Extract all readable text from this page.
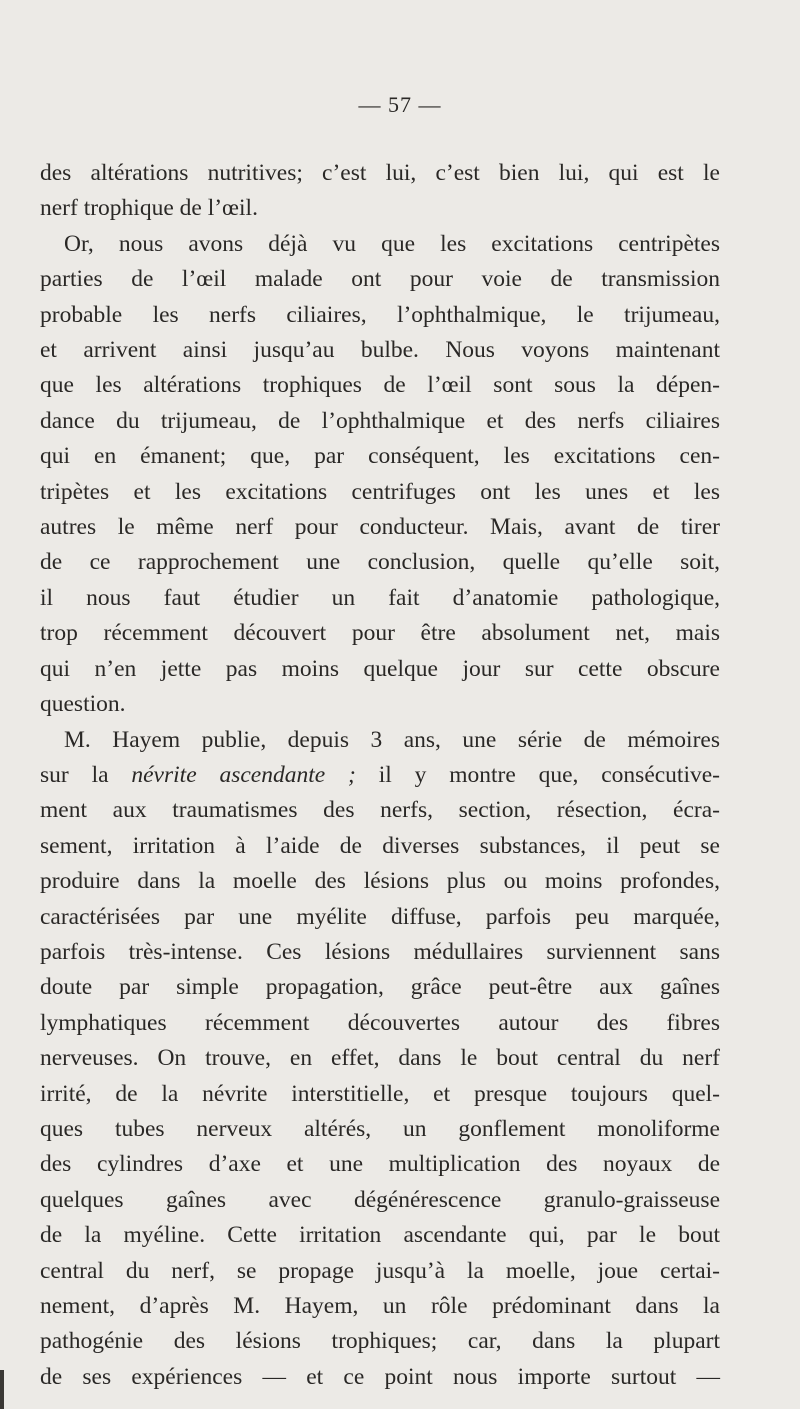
— 57 —
des altérations nutritives; c’est lui, c’est bien lui, qui est le
nerf trophique de l’œil.
Or, nous avons déjà vu que les excitations centripètes
parties de l’œil malade ont pour voie de transmission
probable les nerfs ciliaires, l’ophthalmique, le trijumeau,
et arrivent ainsi jusqu’au bulbe. Nous voyons maintenant
que les altérations trophiques de l’œil sont sous la dépen-
dance du trijumeau, de l’ophthalmique et des nerfs ciliaires
qui en émanent; que, par conséquent, les excitations cen-
tripètes et les excitations centrifuges ont les unes et les
autres le même nerf pour conducteur. Mais, avant de tirer
de ce rapprochement une conclusion, quelle qu’elle soit,
il nous faut étudier un fait d’anatomie pathologique,
trop récemment découvert pour être absolument net, mais
qui n’en jette pas moins quelque jour sur cette obscure
question.
M. Hayem publie, depuis 3 ans, une série de mémoires
sur la névrite ascendante ; il y montre que, consécutive-
ment aux traumatismes des nerfs, section, résection, écra-
sement, irritation à l’aide de diverses substances, il peut se
produire dans la moelle des lésions plus ou moins profondes,
caractérisées par une myélite diffuse, parfois peu marquée,
parfois très-intense. Ces lésions médullaires surviennent sans
doute par simple propagation, grâce peut-être aux gaînes
lymphatiques récemment découvertes autour des fibres
nerveuses. On trouve, en effet, dans le bout central du nerf
irrité, de la névrite interstitielle, et presque toujours quel-
ques tubes nerveux altérés, un gonflement monoliforme
des cylindres d’axe et une multiplication des noyaux de
quelques gaînes avec dégénérescence granulo-graisseuse
de la myéline. Cette irritation ascendante qui, par le bout
central du nerf, se propage jusqu’à la moelle, joue certai-
nement, d’après M. Hayem, un rôle prédominant dans la
pathogénie des lésions trophiques; car, dans la plupart
de ses expériences — et ce point nous importe surtout —
